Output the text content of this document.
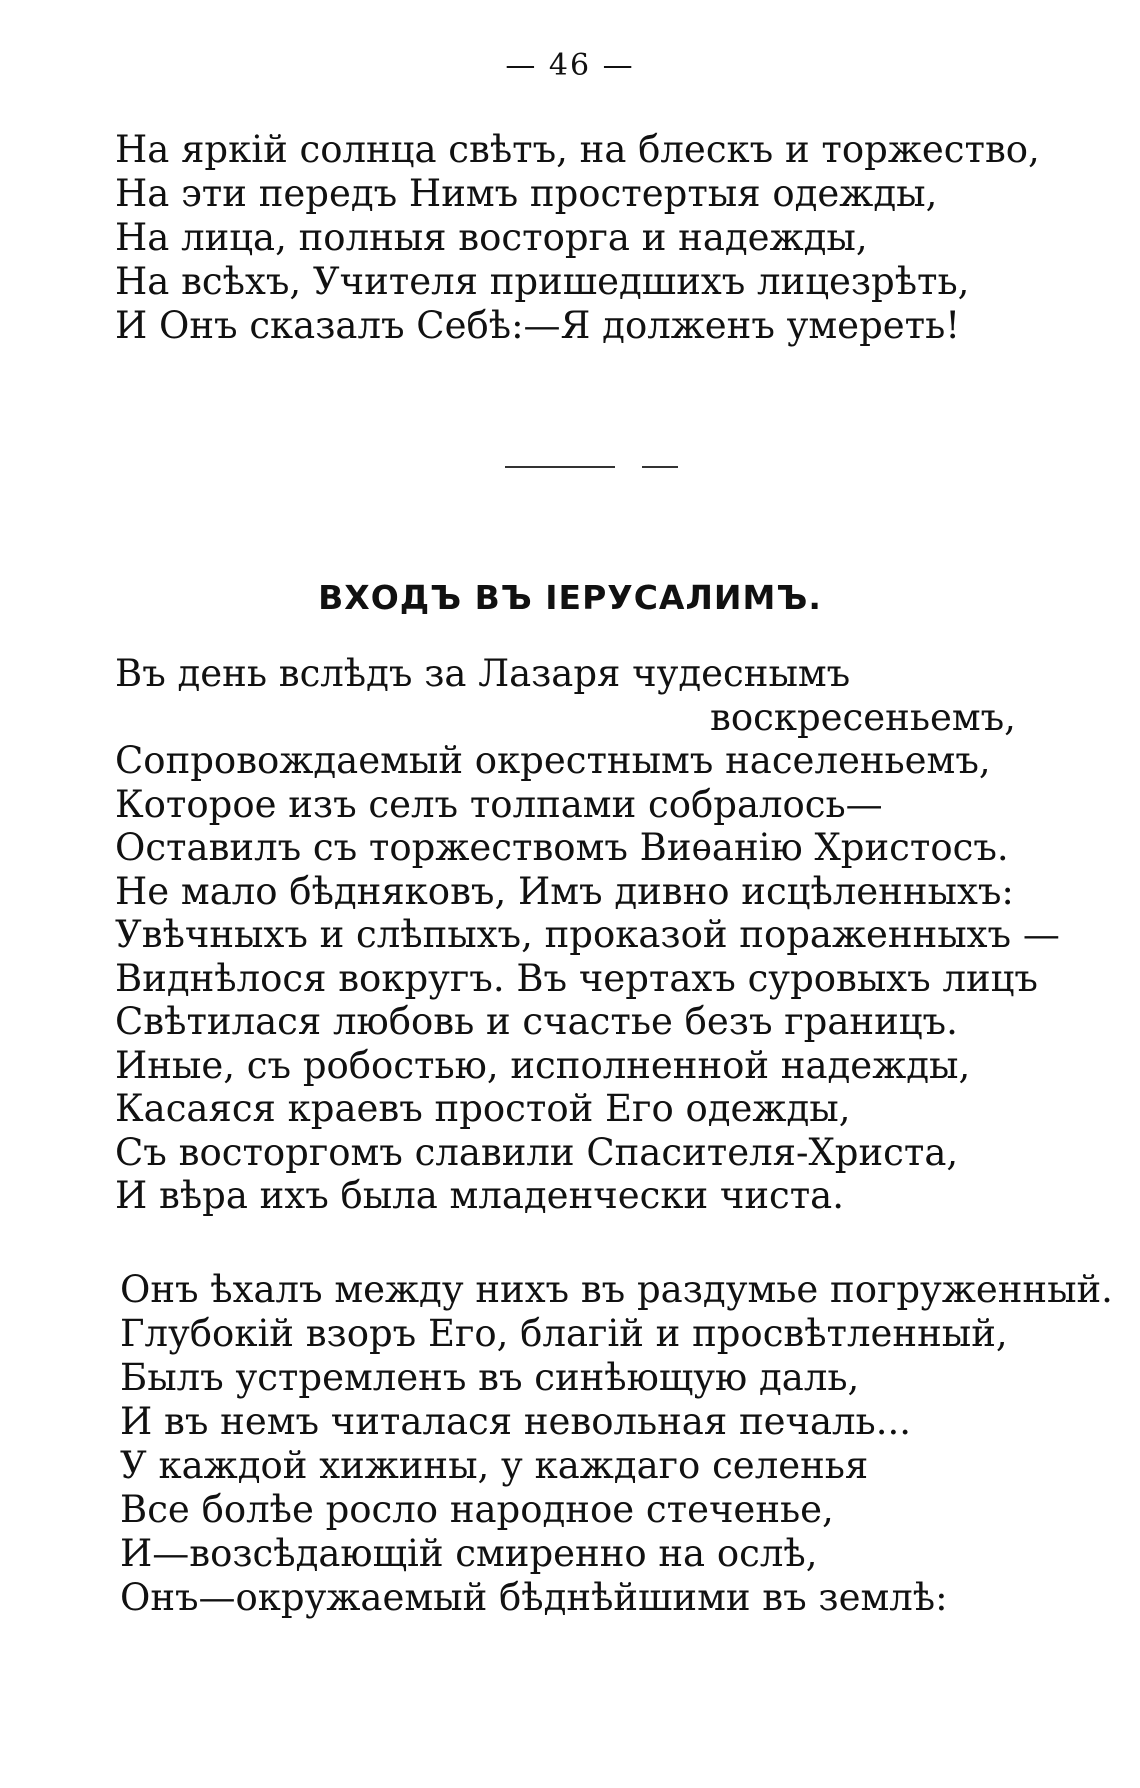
— 46 —
На яркій солнца свѣтъ, на блескъ и торжество,
На эти передъ Нимъ простертыя одежды,
На лица, полныя восторга и надежды,
На всѣхъ, Учителя пришедшихъ лицезрѣть,
И Онъ сказалъ Себѣ:—Я долженъ умереть!
ВХОДЪ ВЪ ІЕРУСАЛИМЪ.
Въ день вслѣдъ за Лазаря чудеснымъ
воскресеньемъ,
Сопровождаемый окрестнымъ населеньемъ,
Которое изъ селъ толпами собралось—
Оставилъ съ торжествомъ Виѳанію Христосъ.
Не мало бѣдняковъ, Имъ дивно исцѣленныхъ:
Увѣчныхъ и слѣпыхъ, проказой пораженныхъ —
Виднѣлося вокругъ. Въ чертахъ суровыхъ лицъ
Свѣтилася любовь и счастье безъ границъ.
Иные, съ робостью, исполненной надежды,
Касаяся краевъ простой Его одежды,
Съ восторгомъ славили Спасителя-Христа,
И вѣра ихъ была младенчески чиста.
Онъ ѣхалъ между нихъ въ раздумье погруженный.
Глубокій взоръ Его, благій и просвѣтленный,
Былъ устремленъ въ синѣющую даль,
И въ немъ читалася невольная печаль...
У каждой хижины, у каждаго селенья
Все болѣе росло народное стеченье,
И—возсѣдающій смиренно на ослѣ,
Онъ—окружаемый бѣднѣйшими въ землѣ:
